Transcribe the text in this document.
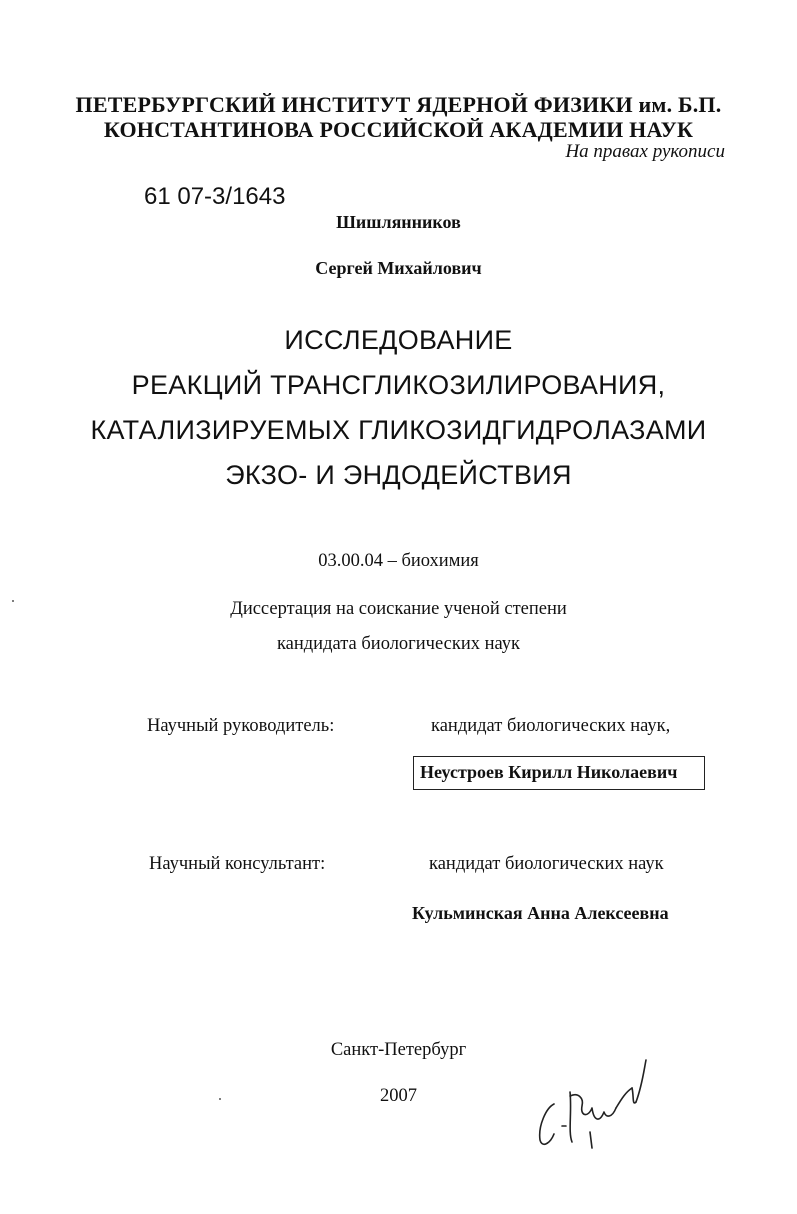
ПЕТЕРБУРГСКИЙ ИНСТИТУТ ЯДЕРНОЙ ФИЗИКИ им. Б.П.
КОНСТАНТИНОВА РОССИЙСКОЙ АКАДЕМИИ НАУК
На правах рукописи
61 07-3/1643
Шишлянников
Сергей Михайлович
ИССЛЕДОВАНИЕ
РЕАКЦИЙ ТРАНСГЛИКОЗИЛИРОВАНИЯ,
КАТАЛИЗИРУЕМЫХ ГЛИКОЗИДГИДРОЛАЗАМИ
ЭКЗО- И ЭНДОДЕЙСТВИЯ
03.00.04 – биохимия
Диссертация на соискание ученой степени
кандидата биологических наук
Научный руководитель:	кандидат биологических наук,
Неустроев Кирилл Николаевич
Научный консультант:	кандидат биологических наук
Кульминская Анна Алексеевна
Санкт-Петербург
2007
